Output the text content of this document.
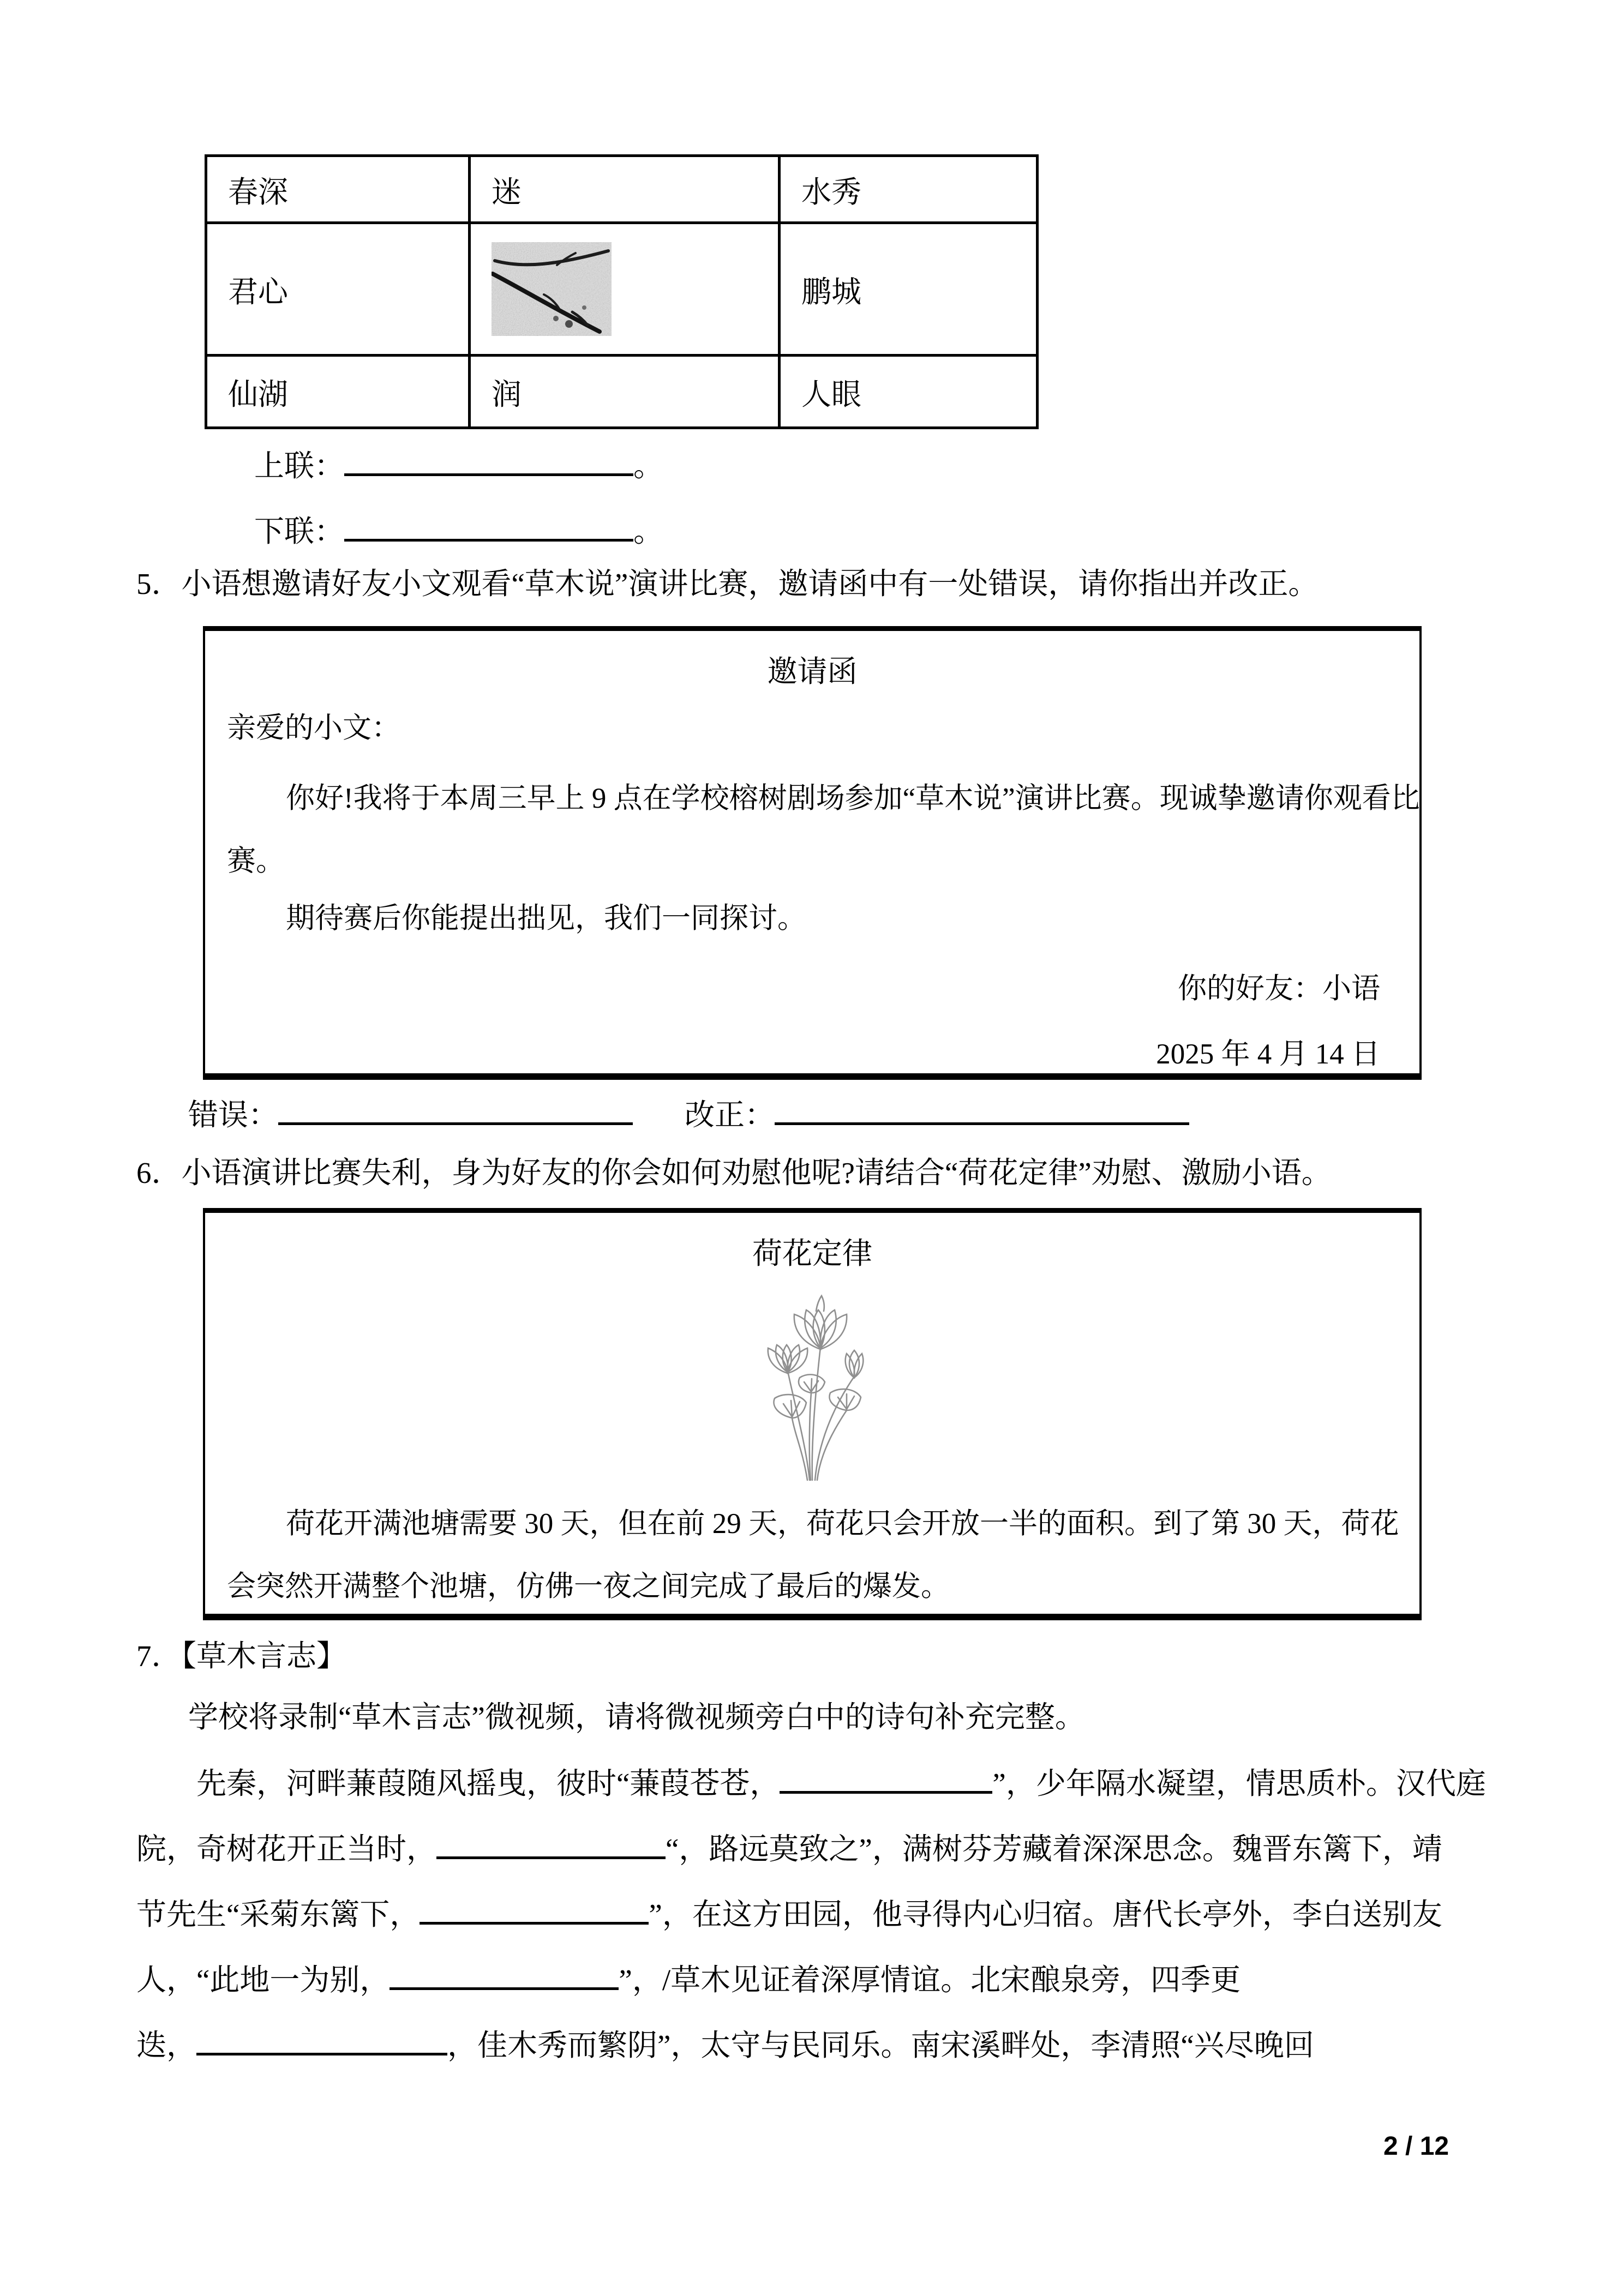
春深	迷	水秀
君心		鹏城
仙湖	润	人眼
上联：	。
下联：	。
5．小语想邀请好友小文观看“草木说”演讲比赛，邀请函中有一处错误，请你指出并改正。
邀请函
亲爱的小文：
你好!我将于本周三早上 9 点在学校榕树剧场参加“草木说”演讲比赛。现诚挚邀请你观看比
赛。
期待赛后你能提出拙见，我们一同探讨。
你的好友：小语
2025 年 4 月 14 日
错误：	改正：
6．小语演讲比赛失利，身为好友的你会如何劝慰他呢?请结合“荷花定律”劝慰、激励小语。
荷花定律
荷花开满池塘需要 30 天，但在前 29 天，荷花只会开放一半的面积。到了第 30 天，荷花
会突然开满整个池塘，仿佛一夜之间完成了最后的爆发。
7．【草木言志】
学校将录制“草木言志”微视频，请将微视频旁白中的诗句补充完整。
先秦，河畔蒹葭随风摇曳，彼时“蒹葭苍苍，	”，少年隔水凝望，情思质朴。汉代庭
院，奇树花开正当时，	“，路远莫致之”，满树芬芳藏着深深思念。魏晋东篱下，靖
节先生“采菊东篱下，	”，在这方田园，他寻得内心归宿。唐代长亭外，李白送别友
人，“此地一为别，	”，/草木见证着深厚情谊。北宋酿泉旁，四季更
迭，	，佳木秀而繁阴”，太守与民同乐。南宋溪畔处，李清照“兴尽晚回
2 / 12
